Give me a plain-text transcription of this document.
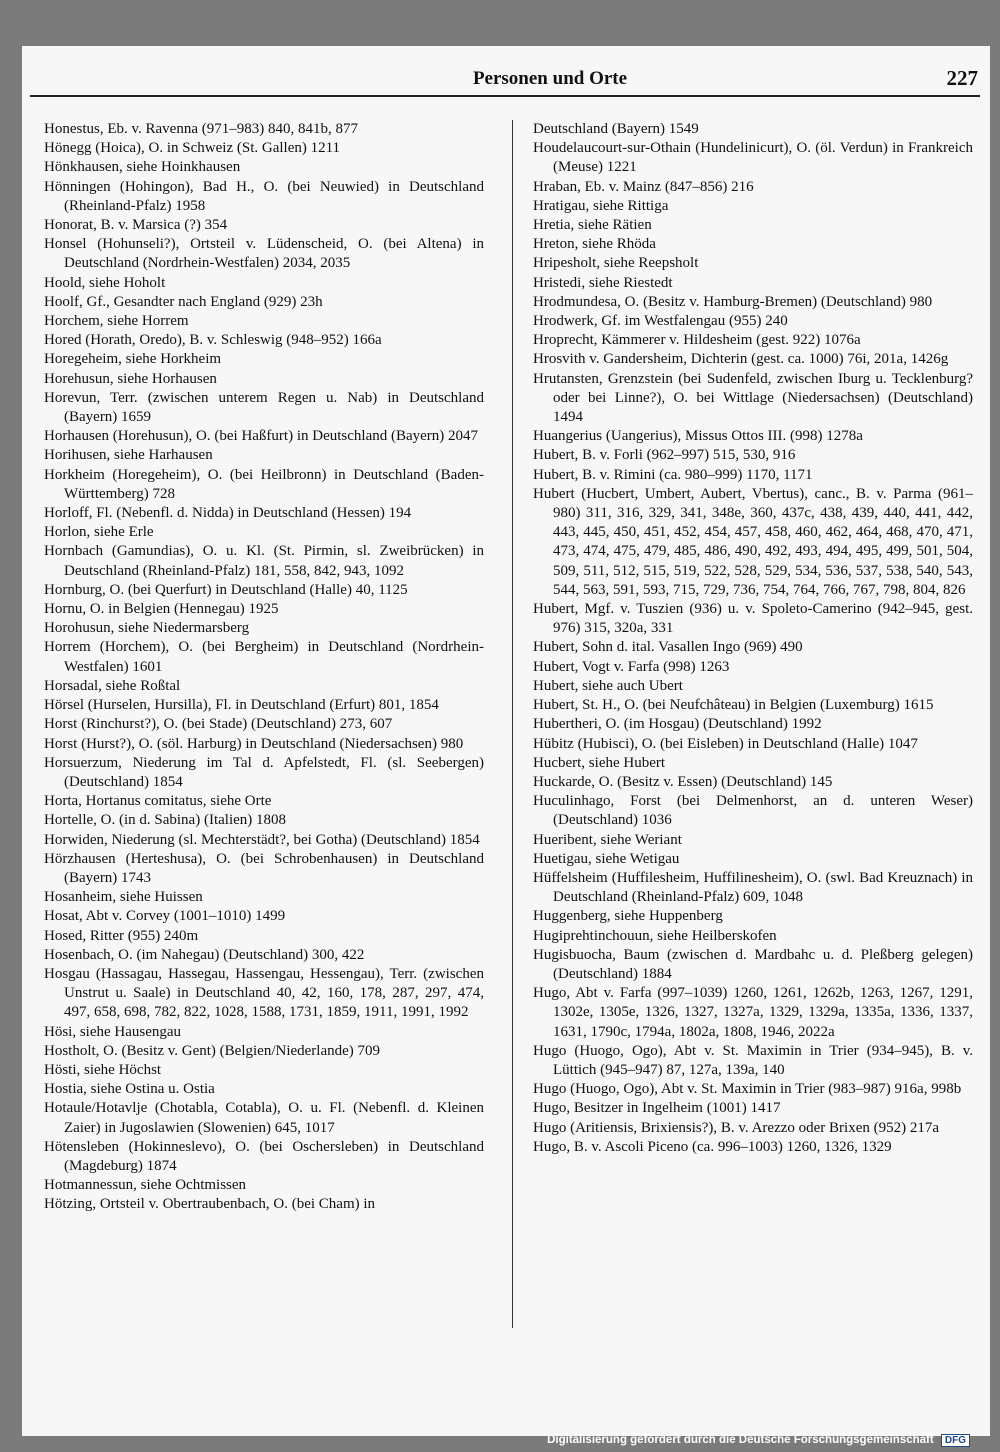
Personen und Orte	227

Honestus, Eb. v. Ravenna (971–983) 840, 841b, 877

Hönegg (Hoica), O. in Schweiz (St. Gallen) 1211

Hönkhausen, siehe Hoinkhausen

Hönningen (Hohingon), Bad H., O. (bei Neuwied) in Deutschland (Rheinland-Pfalz) 1958

Honorat, B. v. Marsica (?) 354

Honsel (Hohunseli?), Ortsteil v. Lüdenscheid, O. (bei Altena) in Deutschland (Nordrhein-Westfalen) 2034, 2035

Hoold, siehe Hoholt

Hoolf, Gf., Gesandter nach England (929) 23h

Horchem, siehe Horrem

Hored (Horath, Oredo), B. v. Schleswig (948–952) 166a

Horegeheim, siehe Horkheim

Horehusun, siehe Horhausen

Horevun, Terr. (zwischen unterem Regen u. Nab) in Deutschland (Bayern) 1659

Horhausen (Horehusun), O. (bei Haßfurt) in Deutschland (Bayern) 2047

Horihusen, siehe Harhausen

Horkheim (Horegeheim), O. (bei Heilbronn) in Deutschland (Baden-Württemberg) 728

Horloff, Fl. (Nebenfl. d. Nidda) in Deutschland (Hessen) 194

Horlon, siehe Erle

Hornbach (Gamundias), O. u. Kl. (St. Pirmin, sl. Zweibrücken) in Deutschland (Rheinland-Pfalz) 181, 558, 842, 943, 1092

Hornburg, O. (bei Querfurt) in Deutschland (Halle) 40, 1125

Hornu, O. in Belgien (Hennegau) 1925

Horohusun, siehe Niedermarsberg

Horrem (Horchem), O. (bei Bergheim) in Deutschland (Nordrhein-Westfalen) 1601

Horsadal, siehe Roßtal

Hörsel (Hurselen, Hursilla), Fl. in Deutschland (Erfurt) 801, 1854

Horst (Rinchurst?), O. (bei Stade) (Deutschland) 273, 607

Horst (Hurst?), O. (söl. Harburg) in Deutschland (Niedersachsen) 980

Horsuerzum, Niederung im Tal d. Apfelstedt, Fl. (sl. Seebergen) (Deutschland) 1854

Horta, Hortanus comitatus, siehe Orte

Hortelle, O. (in d. Sabina) (Italien) 1808

Horwiden, Niederung (sl. Mechterstädt?, bei Gotha) (Deutschland) 1854

Hörzhausen (Herteshusa), O. (bei Schrobenhausen) in Deutschland (Bayern) 1743

Hosanheim, siehe Huissen

Hosat, Abt v. Corvey (1001–1010) 1499

Hosed, Ritter (955) 240m

Hosenbach, O. (im Nahegau) (Deutschland) 300, 422

Hosgau (Hassagau, Hassegau, Hassengau, Hessengau), Terr. (zwischen Unstrut u. Saale) in Deutschland 40, 42, 160, 178, 287, 297, 474, 497, 658, 698, 782, 822, 1028, 1588, 1731, 1859, 1911, 1991, 1992

Hösi, siehe Hausengau

Hostholt, O. (Besitz v. Gent) (Belgien/Niederlande) 709

Hösti, siehe Höchst

Hostia, siehe Ostina u. Ostia

Hotaule/Hotavlje (Chotabla, Cotabla), O. u. Fl. (Nebenfl. d. Kleinen Zaier) in Jugoslawien (Slowenien) 645, 1017

Hötensleben (Hokinneslevo), O. (bei Oschersleben) in Deutschland (Magdeburg) 1874

Hotmannessun, siehe Ochtmissen

Hötzing, Ortsteil v. Obertraubenbach, O. (bei Cham) in

Deutschland (Bayern) 1549

Houdelaucourt-sur-Othain (Hundelinicurt), O. (öl. Verdun) in Frankreich (Meuse) 1221

Hraban, Eb. v. Mainz (847–856) 216

Hratigau, siehe Rittiga

Hretia, siehe Rätien

Hreton, siehe Rhöda

Hripesholt, siehe Reepsholt

Hristedi, siehe Riestedt

Hrodmundesa, O. (Besitz v. Hamburg-Bremen) (Deutschland) 980

Hrodwerk, Gf. im Westfalengau (955) 240

Hroprecht, Kämmerer v. Hildesheim (gest. 922) 1076a

Hrosvith v. Gandersheim, Dichterin (gest. ca. 1000) 76i, 201a, 1426g

Hrutansten, Grenzstein (bei Sudenfeld, zwischen Iburg u. Tecklenburg? oder bei Linne?), O. bei Wittlage (Niedersachsen) (Deutschland) 1494

Huangerius (Uangerius), Missus Ottos III. (998) 1278a

Hubert, B. v. Forli (962–997) 515, 530, 916

Hubert, B. v. Rimini (ca. 980–999) 1170, 1171

Hubert (Hucbert, Umbert, Aubert, Vbertus), canc., B. v. Parma (961–980) 311, 316, 329, 341, 348e, 360, 437c, 438, 439, 440, 441, 442, 443, 445, 450, 451, 452, 454, 457, 458, 460, 462, 464, 468, 470, 471, 473, 474, 475, 479, 485, 486, 490, 492, 493, 494, 495, 499, 501, 504, 509, 511, 512, 515, 519, 522, 528, 529, 534, 536, 537, 538, 540, 543, 544, 563, 591, 593, 715, 729, 736, 754, 764, 766, 767, 798, 804, 826

Hubert, Mgf. v. Tuszien (936) u. v. Spoleto-Camerino (942–945, gest. 976) 315, 320a, 331

Hubert, Sohn d. ital. Vasallen Ingo (969) 490

Hubert, Vogt v. Farfa (998) 1263

Hubert, siehe auch Ubert

Hubert, St. H., O. (bei Neufchâteau) in Belgien (Luxemburg) 1615

Hubertheri, O. (im Hosgau) (Deutschland) 1992

Hübitz (Hubisci), O. (bei Eisleben) in Deutschland (Halle) 1047

Hucbert, siehe Hubert

Huckarde, O. (Besitz v. Essen) (Deutschland) 145

Huculinhago, Forst (bei Delmenhorst, an d. unteren Weser) (Deutschland) 1036

Hueribent, siehe Weriant

Huetigau, siehe Wetigau

Hüffelsheim (Huffilesheim, Huffilinesheim), O. (swl. Bad Kreuznach) in Deutschland (Rheinland-Pfalz) 609, 1048

Huggenberg, siehe Huppenberg

Hugiprehtinchouun, siehe Heilberskofen

Hugisbuocha, Baum (zwischen d. Mardbahc u. d. Pleßberg gelegen) (Deutschland) 1884

Hugo, Abt v. Farfa (997–1039) 1260, 1261, 1262b, 1263, 1267, 1291, 1302e, 1305e, 1326, 1327, 1327a, 1329, 1329a, 1335a, 1336, 1337, 1631, 1790c, 1794a, 1802a, 1808, 1946, 2022a

Hugo (Huogo, Ogo), Abt v. St. Maximin in Trier (934–945), B. v. Lüttich (945–947) 87, 127a, 139a, 140

Hugo (Huogo, Ogo), Abt v. St. Maximin in Trier (983–987) 916a, 998b

Hugo, Besitzer in Ingelheim (1001) 1417

Hugo (Aritiensis, Brixiensis?), B. v. Arezzo oder Brixen (952) 217a

Hugo, B. v. Ascoli Piceno (ca. 996–1003) 1260, 1326, 1329

Digitalisierung gefördert durch die Deutsche Forschungsgemeinschaft DFG
